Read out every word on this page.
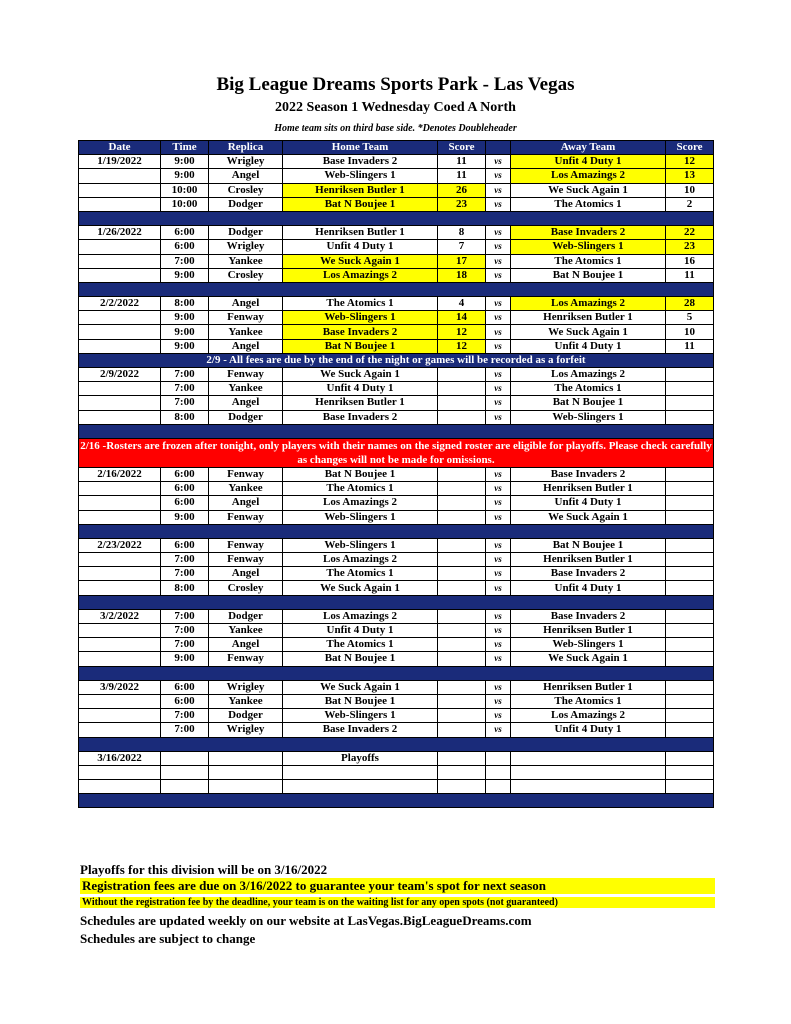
Big League Dreams Sports Park - Las Vegas
2022 Season 1 Wednesday Coed A North
Home team sits on third base side. *Denotes Doubleheader
Date	Time	Replica	Home Team	Score		Away Team	Score
1/19/2022	9:00	Wrigley	Base Invaders 2	11	vs	Unfit 4 Duty 1	12
	9:00	Angel	Web-Slingers 1	11	vs	Los Amazings 2	13
	10:00	Crosley	Henriksen Butler 1	26	vs	We Suck Again 1	10
	10:00	Dodger	Bat N Boujee 1	23	vs	The Atomics 1	2

1/26/2022	6:00	Dodger	Henriksen Butler 1	8	vs	Base Invaders 2	22
	6:00	Wrigley	Unfit 4 Duty 1	7	vs	Web-Slingers 1	23
	7:00	Yankee	We Suck Again 1	17	vs	The Atomics 1	16
	9:00	Crosley	Los Amazings 2	18	vs	Bat N Boujee 1	11

2/2/2022	8:00	Angel	The Atomics 1	4	vs	Los Amazings 2	28
	9:00	Fenway	Web-Slingers 1	14	vs	Henriksen Butler 1	5
	9:00	Yankee	Base Invaders 2	12	vs	We Suck Again 1	10
	9:00	Angel	Bat N Boujee 1	12	vs	Unfit 4 Duty 1	11
2/9 - All fees are due by the end of the night or games will be recorded as a forfeit							
2/9/2022	7:00	Fenway	We Suck Again 1		vs	Los Amazings 2	
	7:00	Yankee	Unfit 4 Duty 1		vs	The Atomics 1	
	7:00	Angel	Henriksen Butler 1		vs	Bat N Boujee 1	
	8:00	Dodger	Base Invaders 2		vs	Web-Slingers 1	

2/16 -Rosters are frozen after tonight, only players with their names on the signed roster are eligible for playoffs. Please check carefully as changes will not be made for omissions.							
2/16/2022	6:00	Fenway	Bat N Boujee 1		vs	Base Invaders 2	
	6:00	Yankee	The Atomics 1		vs	Henriksen Butler 1	
	6:00	Angel	Los Amazings 2		vs	Unfit 4 Duty 1	
	9:00	Fenway	Web-Slingers 1		vs	We Suck Again 1	

2/23/2022	6:00	Fenway	Web-Slingers 1		vs	Bat N Boujee 1	
	7:00	Fenway	Los Amazings 2		vs	Henriksen Butler 1	
	7:00	Angel	The Atomics 1		vs	Base Invaders 2	
	8:00	Crosley	We Suck Again 1		vs	Unfit 4 Duty 1	

3/2/2022	7:00	Dodger	Los Amazings 2		vs	Base Invaders 2	
	7:00	Yankee	Unfit 4 Duty 1		vs	Henriksen Butler 1	
	7:00	Angel	The Atomics 1		vs	Web-Slingers 1	
	9:00	Fenway	Bat N Boujee 1		vs	We Suck Again 1	

3/9/2022	6:00	Wrigley	We Suck Again 1		vs	Henriksen Butler 1	
	6:00	Yankee	Bat N Boujee 1		vs	The Atomics 1	
	7:00	Dodger	Web-Slingers 1		vs	Los Amazings 2	
	7:00	Wrigley	Base Invaders 2		vs	Unfit 4 Duty 1	

3/16/2022			Playoffs				

Playoffs for this division will be on 3/16/2022
Registration fees are due on 3/16/2022 to guarantee your team's spot for next season
Without the registration fee by the deadline, your team is on the waiting list for any open spots (not guaranteed)
Schedules are updated weekly on our website at LasVegas.BigLeagueDreams.com
Schedules are subject to change
